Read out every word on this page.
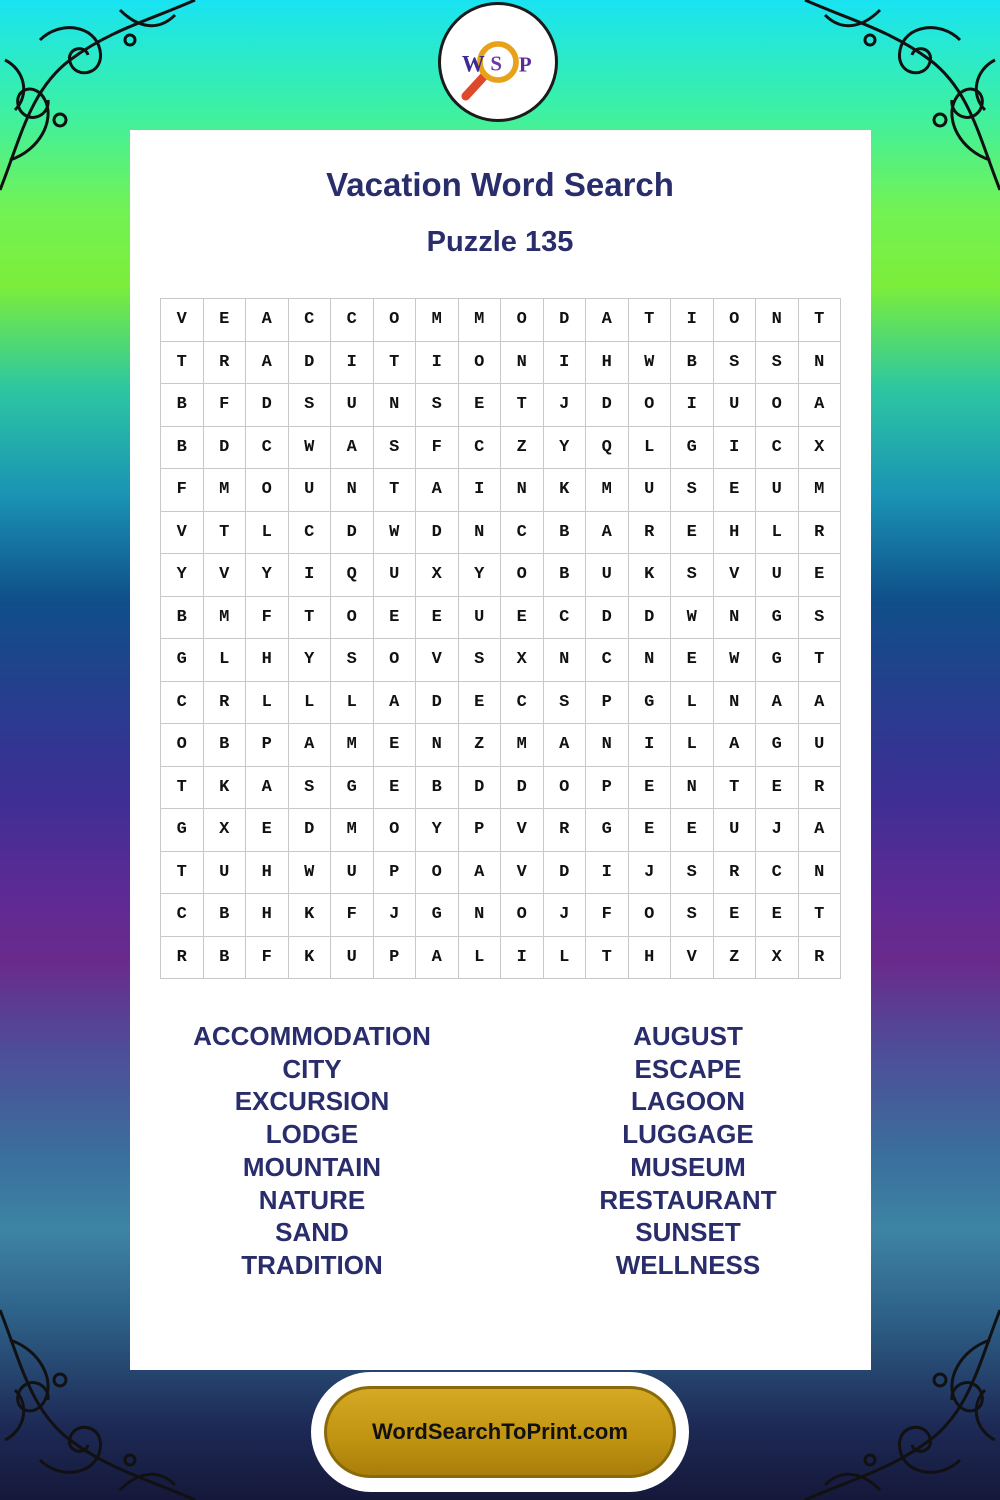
W S P
Vacation Word Search
Puzzle 135
V	E	A	C	C	O	M	M	O	D	A	T	I	O	N	T
T	R	A	D	I	T	I	O	N	I	H	W	B	S	S	N
B	F	D	S	U	N	S	E	T	J	D	O	I	U	O	A
B	D	C	W	A	S	F	C	Z	Y	Q	L	G	I	C	X
F	M	O	U	N	T	A	I	N	K	M	U	S	E	U	M
V	T	L	C	D	W	D	N	C	B	A	R	E	H	L	R
Y	V	Y	I	Q	U	X	Y	O	B	U	K	S	V	U	E
B	M	F	T	O	E	E	U	E	C	D	D	W	N	G	S
G	L	H	Y	S	O	V	S	X	N	C	N	E	W	G	T
C	R	L	L	L	A	D	E	C	S	P	G	L	N	A	A
O	B	P	A	M	E	N	Z	M	A	N	I	L	A	G	U
T	K	A	S	G	E	B	D	D	O	P	E	N	T	E	R
G	X	E	D	M	O	Y	P	V	R	G	E	E	U	J	A
T	U	H	W	U	P	O	A	V	D	I	J	S	R	C	N
C	B	H	K	F	J	G	N	O	J	F	O	S	E	E	T
R	B	F	K	U	P	A	L	I	L	T	H	V	Z	X	R
ACCOMMODATION
CITY
EXCURSION
LODGE
MOUNTAIN
NATURE
SAND
TRADITION
AUGUST
ESCAPE
LAGOON
LUGGAGE
MUSEUM
RESTAURANT
SUNSET
WELLNESS
WordSearchToPrint.com
